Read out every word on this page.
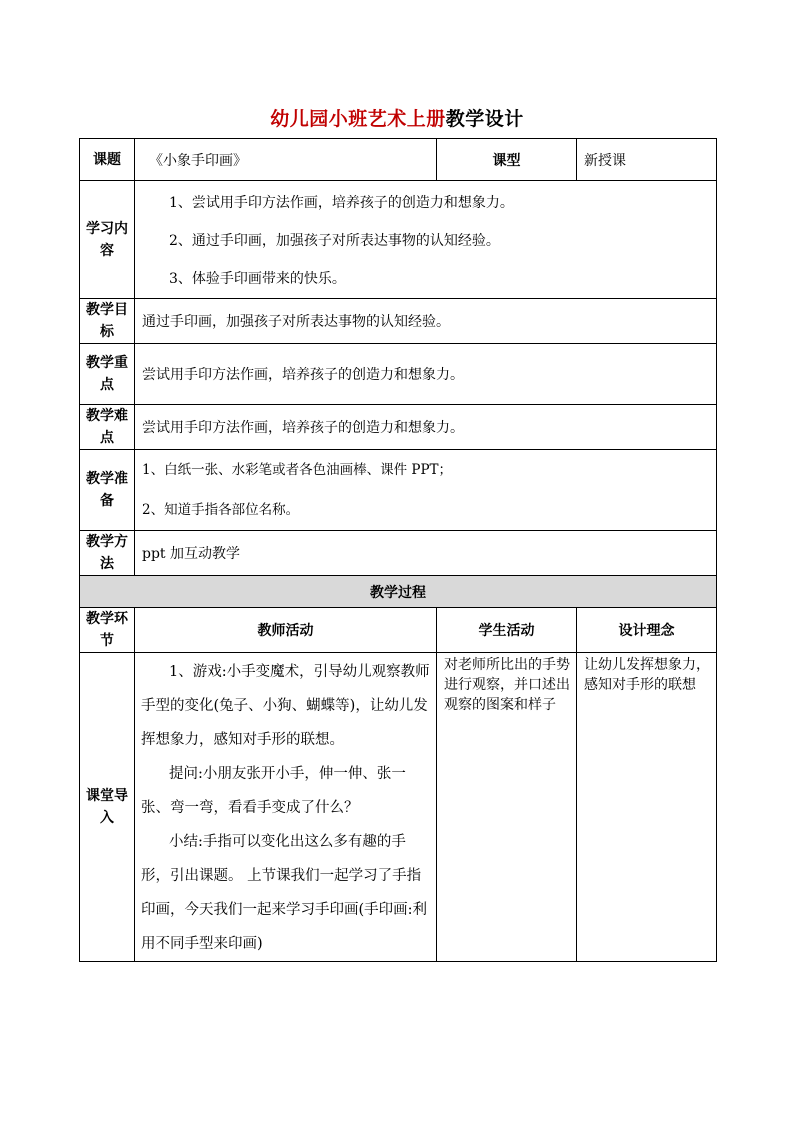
幼儿园小班艺术上册教学设计
课题	《小象手印画》	课型	新授课
学习内容	1、尝试用手印方法作画，培养孩子的创造力和想象力。

2、通过手印画，加强孩子对所表达事物的认知经验。

3、体验手印画带来的快乐。		

教学目标	通过手印画，加强孩子对所表达事物的认知经验。		
教学重点	尝试用手印方法作画，培养孩子的创造力和想象力。		
教学难点	尝试用手印方法作画，培养孩子的创造力和想象力。		
教学准备	1、白纸一张、水彩笔或者各色油画棒、课件 PPT；

2、知道手指各部位名称。		

教学方法	ppt 加互动教学		
教学过程			
教学环节	教师活动	学生活动	设计理念
课堂导入	1、游戏:小手变魔术，引导幼儿观察教师手型的变化(兔子、小狗、蝴蝶等)，让幼儿发挥想象力，感知对手形的联想。

提问:小朋友张开小手，伸一伸、张一张、弯一弯，看看手变成了什么？

小结:手指可以变化出这么多有趣的手形，引出课题。 上节课我们一起学习了手指印画，今天我们一起来学习手印画(手印画:利用不同手型来印画)	对老师所比出的手势进行观察，并口述出观察的图案和样子	让幼儿发挥想象力，感知对手形的联想
